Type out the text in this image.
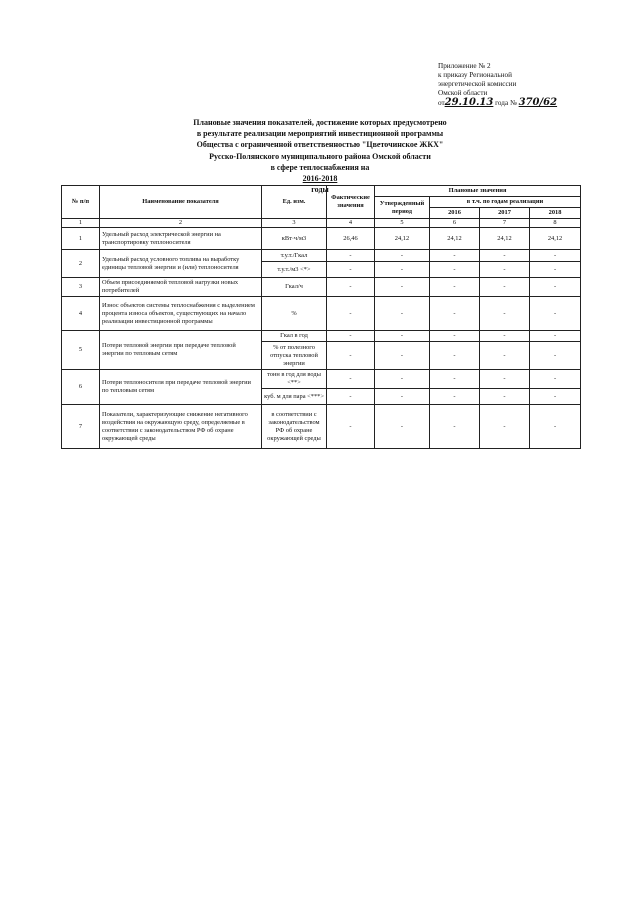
Приложение № 2
к приказу Региональной
энергетической комиссии
Омской области
от29.10.13 года № 370/62
Плановые значения показателей, достижение которых предусмотрено
в результате реализации мероприятий инвестиционной программы
Общества с ограниченной ответственностью "Цветочинское ЖКХ"
Русско-Полянского муниципального района Омской области
в сфере теплоснабжения на
2016-2018
годы
№ п/п	Наименование показателя	Ед. изм.	Фактические значения	Плановые значения			
				Утвержденный период	в т.ч. по годам реализации		
					2016	2017	2018
1	2	3	4	5	6	7	8
1	Удельный расход электрической энергии на транспортировку теплоносителя	кВт·ч/м3	26,46	24,12	24,12	24,12	24,12
2	Удельный расход условного топлива на выработку единицы тепловой энергии и (или) теплоносителя	т.у.т./Гкал	-	-	-	-	-
		т.у.т./м3 <*>	-	-	-	-	-
3	Объем присоединяемой тепловой нагрузки новых потребителей	Гкал/ч	-	-	-	-	-
4	Износ объектов системы теплоснабжения с выделением процента износа объектов, существующих на начало реализации инвестиционной программы	%	-	-	-	-	-
5	Потери тепловой энергии при передаче тепловой энергии по тепловым сетям	Гкал в год	-	-	-	-	-
		% от полезного отпуска тепловой энергии	-	-	-	-	-
6	Потери теплоносителя при передаче тепловой энергии по тепловым сетям	тонн в год для воды <**>	-	-	-	-	-
		куб. м для пара <***>	-	-	-	-	-
7	Показатели, характеризующие снижение негативного воздействия на окружающую среду, определяемые в соответствии с законодательством РФ об охране окружающей среды	в соответствии с законодательством РФ об охране окружающей среды	-	-	-	-	-
